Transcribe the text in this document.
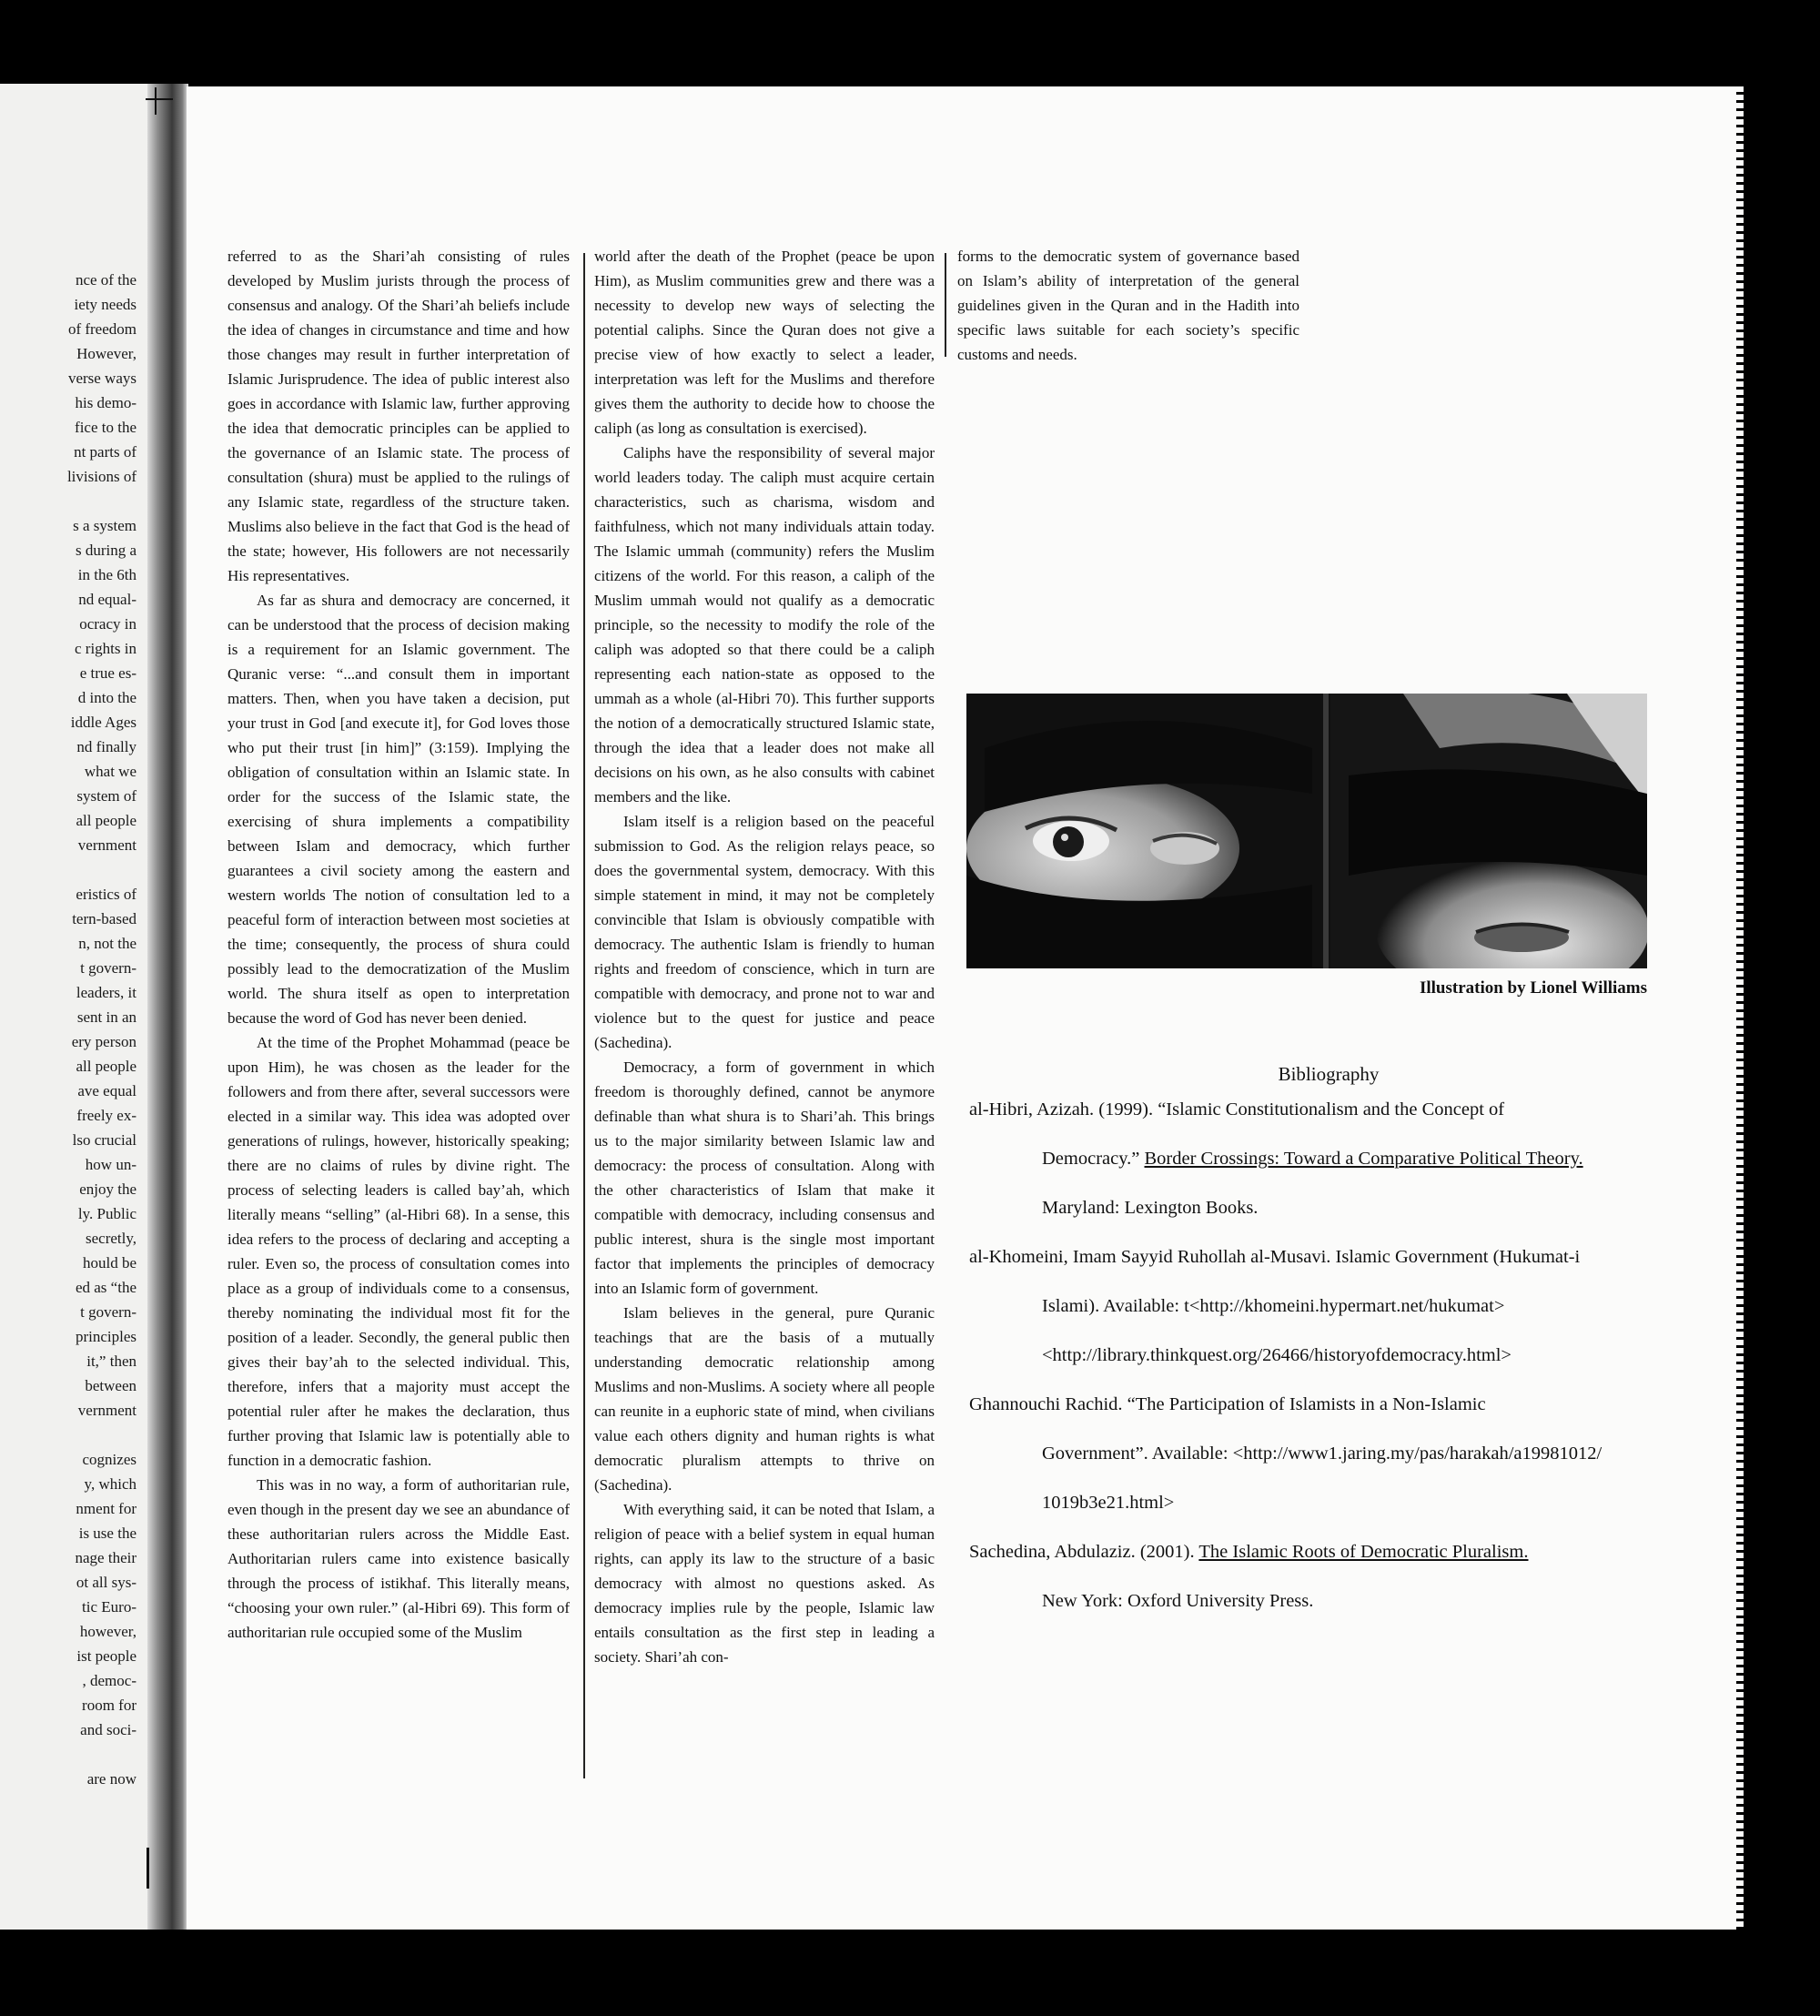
nce of the
iety needs
of freedom
However,
verse ways
his demo-
fice to the
nt parts of
livisions of
s a system
s during a
in the 6th
nd equal-
ocracy in
c rights in
e true es-
d into the
iddle Ages
nd finally
what we
system of
all people
vernment
eristics of
tern-based
n, not the
t govern-
leaders, it
sent in an
ery person
all people
ave equal
freely ex-
lso crucial
how un-
enjoy the
ly. Public
secretly,
hould be
ed as “the
t govern-
principles
it,” then
between
vernment
cognizes
y, which
nment for
is use the
nage their
ot all sys-
tic Euro-
however,
ist people
, democ-
room for
and soci-
are now

referred to as the Shari’ah consisting of rules developed by Muslim jurists through the process of consensus and analogy. Of the Shari’ah beliefs include the idea of changes in circumstance and time and how those changes may result in further interpretation of Islamic Jurisprudence. The idea of public interest also goes in accordance with Islamic law, further approving the idea that democratic principles can be applied to the governance of an Islamic state. The process of consultation (shura) must be applied to the rulings of any Islamic state, regardless of the structure taken. Muslims also believe in the fact that God is the head of the state; however, His followers are not necessarily His representatives.

As far as shura and democracy are concerned, it can be understood that the process of decision making is a requirement for an Islamic government. The Quranic verse: “...and consult them in important matters. Then, when you have taken a decision, put your trust in God [and execute it], for God loves those who put their trust [in him]” (3:159). Implying the obligation of consultation within an Islamic state. In order for the success of the Islamic state, the exercising of shura implements a compatibility between Islam and democracy, which further guarantees a civil society among the eastern and western worlds The notion of consultation led to a peaceful form of interaction between most societies at the time; consequently, the process of shura could possibly lead to the democratization of the Muslim world. The shura itself as open to interpretation because the word of God has never been denied.

At the time of the Prophet Mohammad (peace be upon Him), he was chosen as the leader for the followers and from there after, several successors were elected in a similar way. This idea was adopted over generations of rulings, however, historically speaking; there are no claims of rules by divine right. The process of selecting leaders is called bay’ah, which literally means “selling” (al-Hibri 68). In a sense, this idea refers to the process of declaring and accepting a ruler. Even so, the process of consultation comes into place as a group of individuals come to a consensus, thereby nominating the individual most fit for the position of a leader. Secondly, the general public then gives their bay’ah to the selected individual. This, therefore, infers that a majority must accept the potential ruler after he makes the declaration, thus further proving that Islamic law is potentially able to function in a democratic fashion.

This was in no way, a form of authoritarian rule, even though in the present day we see an abundance of these authoritarian rulers across the Middle East. Authoritarian rulers came into existence basically through the process of istikhaf. This literally means, “choosing your own ruler.” (al-Hibri 69). This form of authoritarian rule occupied some of the Muslim

world after the death of the Prophet (peace be upon Him), as Muslim communities grew and there was a necessity to develop new ways of selecting the potential caliphs. Since the Quran does not give a precise view of how exactly to select a leader, interpretation was left for the Muslims and therefore gives them the authority to decide how to choose the caliph (as long as consultation is exercised).

Caliphs have the responsibility of several major world leaders today. The caliph must acquire certain characteristics, such as charisma, wisdom and faithfulness, which not many individuals attain today. The Islamic ummah (community) refers the Muslim citizens of the world. For this reason, a caliph of the Muslim ummah would not qualify as a democratic principle, so the necessity to modify the role of the caliph was adopted so that there could be a caliph representing each nation-state as opposed to the ummah as a whole (al-Hibri 70). This further supports the notion of a democratically structured Islamic state, through the idea that a leader does not make all decisions on his own, as he also consults with cabinet members and the like.

Islam itself is a religion based on the peaceful submission to God. As the religion relays peace, so does the governmental system, democracy. With this simple statement in mind, it may not be completely convincible that Islam is obviously compatible with democracy. The authentic Islam is friendly to human rights and freedom of conscience, which in turn are compatible with democracy, and prone not to war and violence but to the quest for justice and peace (Sachedina).

Democracy, a form of government in which freedom is thoroughly defined, cannot be anymore definable than what shura is to Shari’ah. This brings us to the major similarity between Islamic law and democracy: the process of consultation. Along with the other characteristics of Islam that make it compatible with democracy, including consensus and public interest, shura is the single most important factor that implements the principles of democracy into an Islamic form of government.

Islam believes in the general, pure Quranic teachings that are the basis of a mutually understanding democratic relationship among Muslims and non-Muslims. A society where all people can reunite in a euphoric state of mind, when civilians value each others dignity and human rights is what democratic pluralism attempts to thrive on (Sachedina).

With everything said, it can be noted that Islam, a religion of peace with a belief system in equal human rights, can apply its law to the structure of a basic democracy with almost no questions asked. As democracy implies rule by the people, Islamic law entails consultation as the first step in leading a society. Shari’ah con-

forms to the democratic system of governance based on Islam’s ability of interpretation of the general guidelines given in the Quran and in the Hadith into specific laws suitable for each society’s specific customs and needs.

Illustration by Lionel Williams
Bibliography
al-Hibri, Azizah. (1999). “Islamic Constitutionalism and the Concept of
Democracy.” Border Crossings: Toward a Comparative Political Theory.
Maryland: Lexington Books.
al-Khomeini, Imam Sayyid Ruhollah al-Musavi. Islamic Government (Hukumat-i
Islami). Available: t<http://khomeini.hypermart.net/hukumat>
<http://library.thinkquest.org/26466/historyofdemocracy.html>
Ghannouchi Rachid. “The Participation of Islamists in a Non-Islamic
Government”. Available: <http://www1.jaring.my/pas/harakah/a19981012/
1019b3e21.html>
Sachedina, Abdulaziz. (2001). The Islamic Roots of Democratic Pluralism.
New York: Oxford University Press.
